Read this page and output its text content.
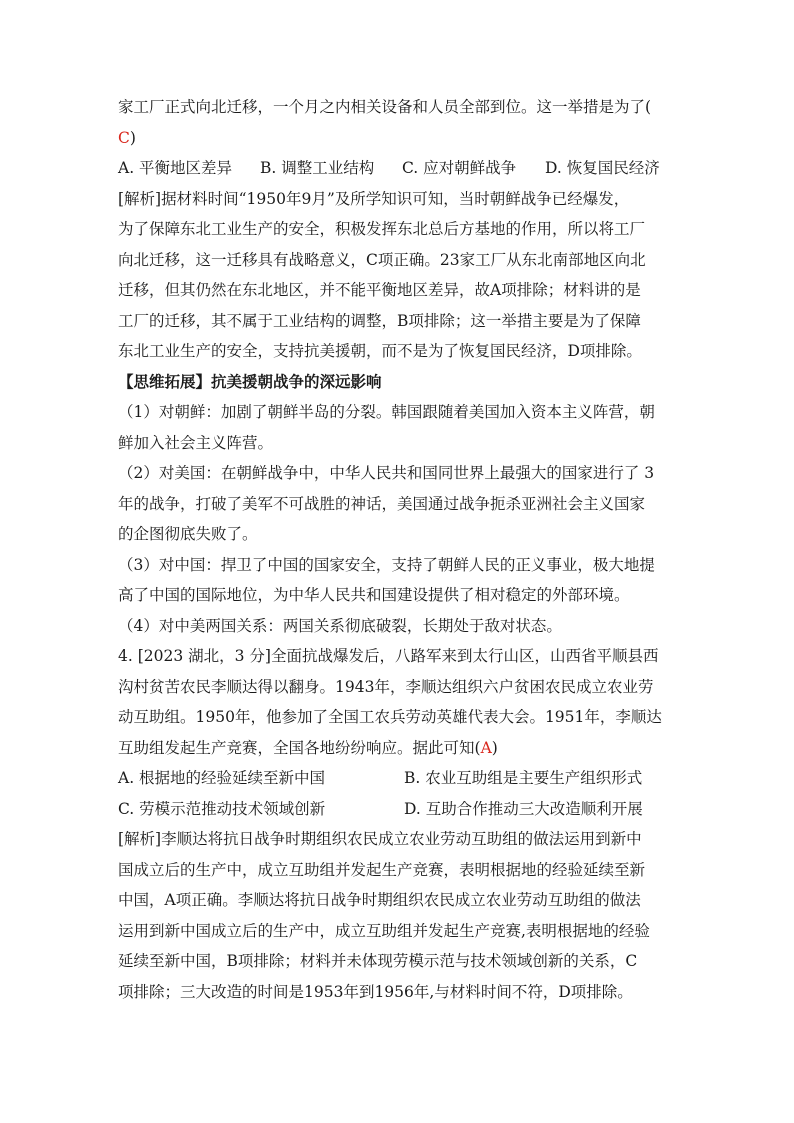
家工厂正式向北迁移，一个月之内相关设备和人员全部到位。这一举措是为了(
C)
A. 平衡地区差异	B. 调整工业结构	C. 应对朝鲜战争	D. 恢复国民经济
[解析]据材料时间“1950年9月”及所学知识可知，当时朝鲜战争已经爆发，
为了保障东北工业生产的安全，积极发挥东北总后方基地的作用，所以将工厂
向北迁移，这一迁移具有战略意义，C项正确。23家工厂从东北南部地区向北
迁移，但其仍然在东北地区，并不能平衡地区差异，故A项排除；材料讲的是
工厂的迁移，其不属于工业结构的调整，B项排除；这一举措主要是为了保障
东北工业生产的安全，支持抗美援朝，而不是为了恢复国民经济，D项排除。
【思维拓展】抗美援朝战争的深远影响
（1）对朝鲜：加剧了朝鲜半岛的分裂。韩国跟随着美国加入资本主义阵营，朝
鲜加入社会主义阵营。
（2）对美国：在朝鲜战争中，中华人民共和国同世界上最强大的国家进行了 3
年的战争，打破了美军不可战胜的神话，美国通过战争扼杀亚洲社会主义国家
的企图彻底失败了。
（3）对中国：捍卫了中国的国家安全，支持了朝鲜人民的正义事业，极大地提
高了中国的国际地位，为中华人民共和国建设提供了相对稳定的外部环境。
（4）对中美两国关系：两国关系彻底破裂，长期处于敌对状态。
4. [2023 湖北，3 分]全面抗战爆发后，八路军来到太行山区，山西省平顺县西
沟村贫苦农民李顺达得以翻身。1943年，李顺达组织六户贫困农民成立农业劳
动互助组。1950年，他参加了全国工农兵劳动英雄代表大会。1951年，李顺达
互助组发起生产竞赛，全国各地纷纷响应。据此可知(A)
A. 根据地的经验延续至新中国	B. 农业互助组是主要生产组织形式
C. 劳模示范推动技术领域创新	D. 互助合作推动三大改造顺利开展
[解析]李顺达将抗日战争时期组织农民成立农业劳动互助组的做法运用到新中
国成立后的生产中，成立互助组并发起生产竞赛，表明根据地的经验延续至新
中国，A项正确。李顺达将抗日战争时期组织农民成立农业劳动互助组的做法
运用到新中国成立后的生产中，成立互助组并发起生产竞赛,表明根据地的经验
延续至新中国，B项排除；材料并未体现劳模示范与技术领域创新的关系，C
项排除；三大改造的时间是1953年到1956年,与材料时间不符，D项排除。
